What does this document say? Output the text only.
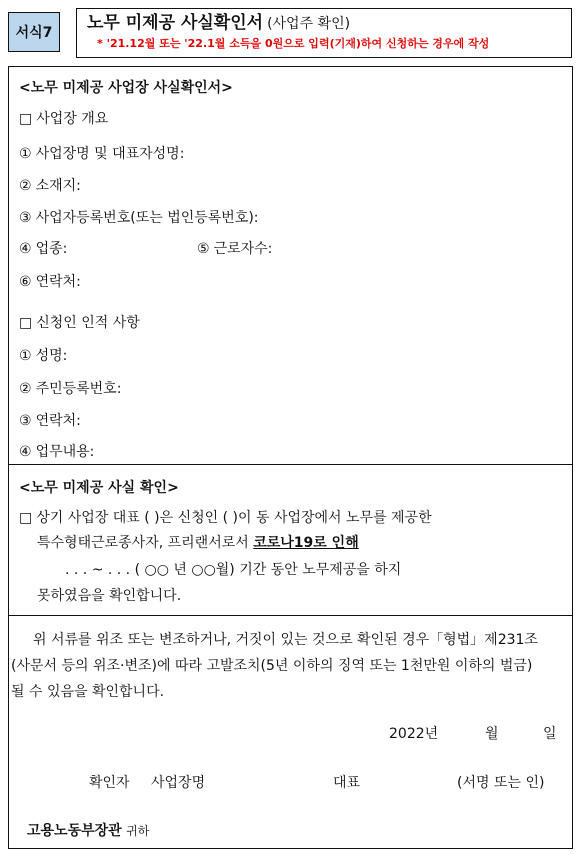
서식7	노무 미제공 사실확인서 (사업주 확인)
* '21.12월 또는 '22.1월 소득을 0원으로 입력(기재)하여 신청하는 경우에 작성
<노무 미제공 사업장 사실확인서>
□ 사업장 개요
① 사업장명 및 대표자성명:
② 소재지:
③ 사업자등록번호(또는 법인등록번호):
④ 업종:	⑤ 근로자수:
⑥ 연락처:
□ 신청인 인적 사항
① 성명:
② 주민등록번호:
③ 연락처:
④ 업무내용:
<노무 미제공 사실 확인>
□ 상기 사업장 대표 ( )은 신청인 ( )이 동 사업장에서 노무를 제공한
특수형태근로종사자, 프리랜서로서 코로나19로 인해
. . . ~ . . . ( ○○ 년 ○○월) 기간 동안 노무제공을 하지
못하였음을 확인합니다.
위 서류를 위조 또는 변조하거나, 거짓이 있는 것으로 확인된 경우「형법」제231조
(사문서 등의 위조·변조)에 따라 고발조치(5년 이하의 징역 또는 1천만원 이하의 벌금)
될 수 있음을 확인합니다.
2022년	월	일
확인자 사업장명	대표	(서명 또는 인)
고용노동부장관 귀하
